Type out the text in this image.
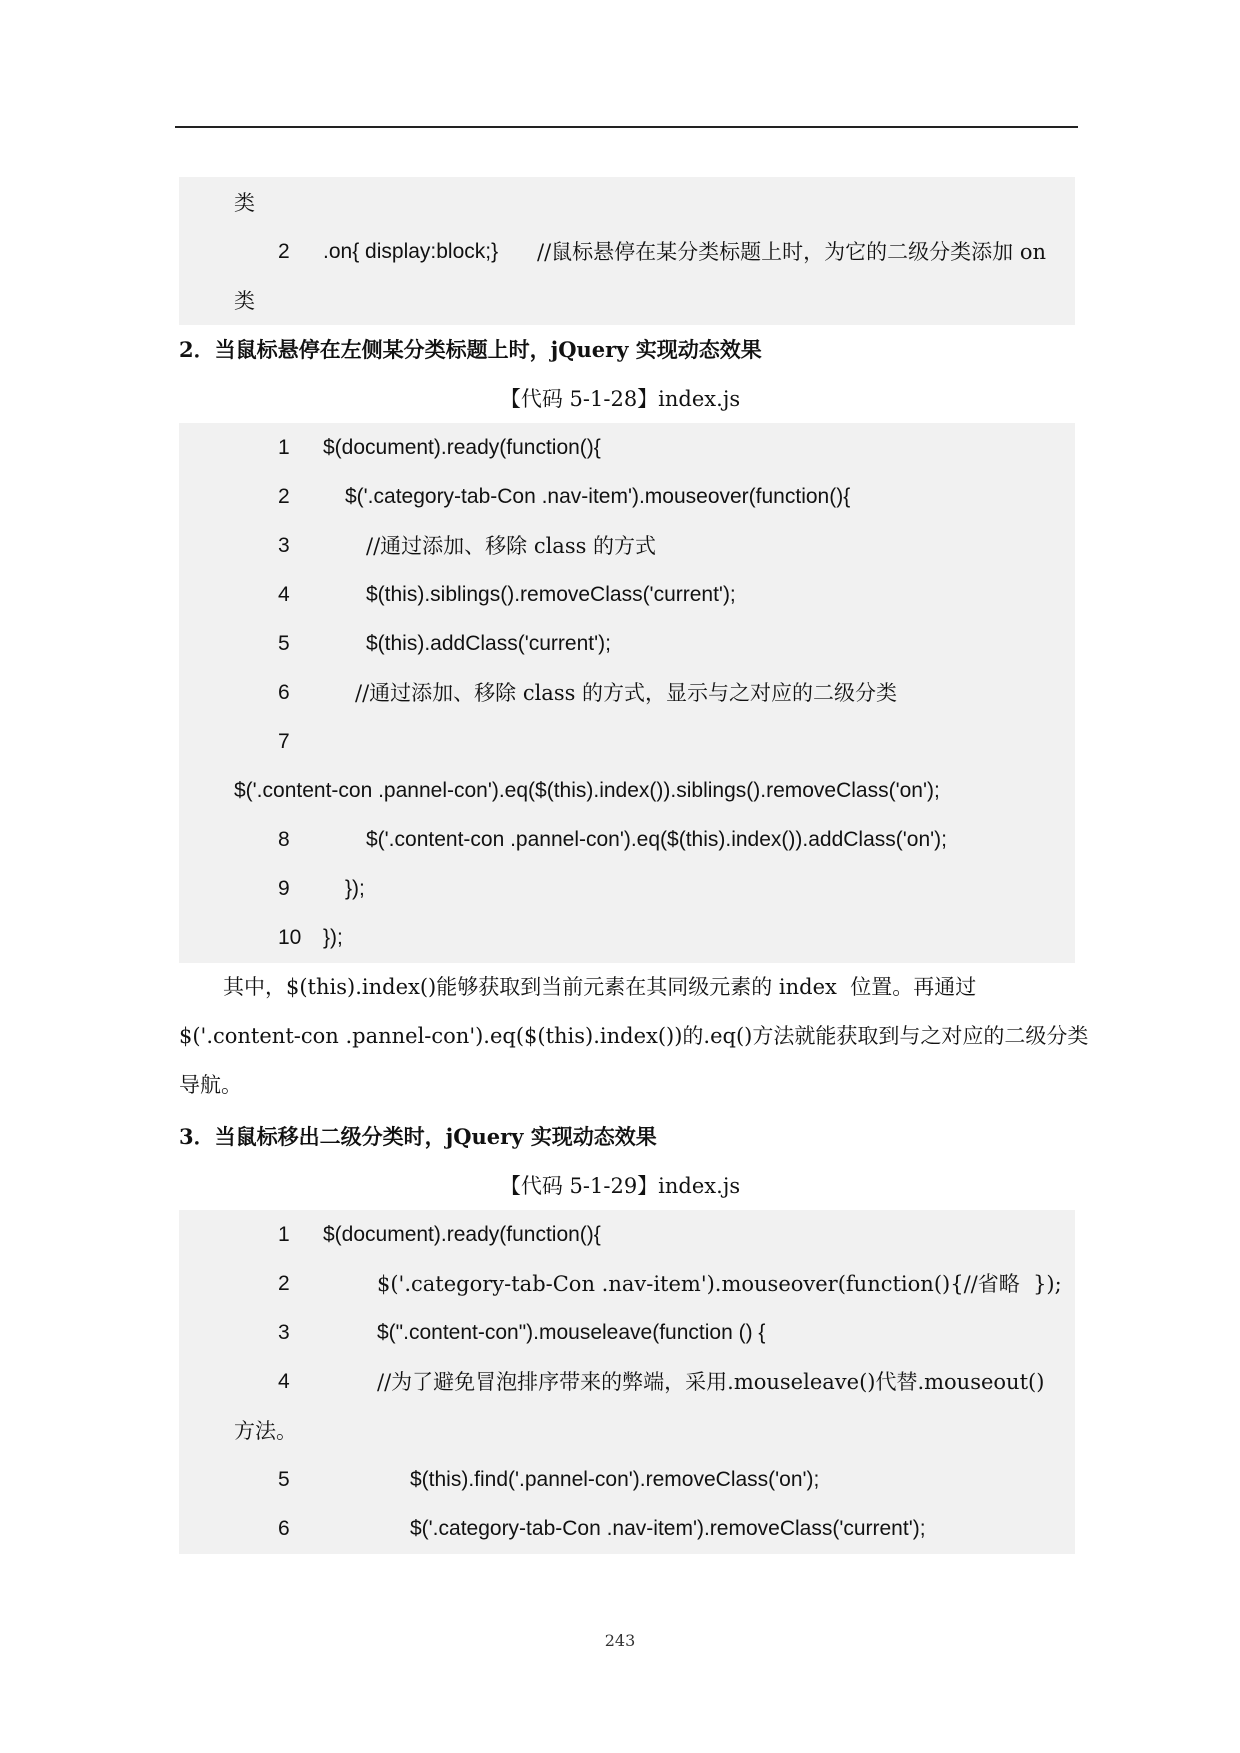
类
2 .on{ display:block;} //鼠标悬停在某分类标题上时，为它的二级分类添加 on
类
2．当鼠标悬停在左侧某分类标题上时，jQuery 实现动态效果
【代码 5-1-28】index.js
1 $(document).ready(function(){
2	$('.category-tab-Con .nav-item').mouseover(function(){
3	//通过添加、移除 class 的方式
4	$(this).siblings().removeClass('current');
5	$(this).addClass('current');
6	//通过添加、移除 class 的方式，显示与之对应的二级分类
7
$('.content-con .pannel-con').eq($(this).index()).siblings().removeClass('on');
8	$('.content-con .pannel-con').eq($(this).index()).addClass('on');
9	});
10 });
其中，$(this).index()能够获取到当前元素在其同级元素的 index  位置。再通过
$('.content-con .pannel-con').eq($(this).index())的.eq()方法就能获取到与之对应的二级分类
导航。
3．当鼠标移出二级分类时，jQuery 实现动态效果
【代码 5-1-29】index.js
1 $(document).ready(function(){
2	$('.category-tab-Con .nav-item').mouseover(function(){//省略  });
3	$(".content-con").mouseleave(function () {
4	//为了避免冒泡排序带来的弊端，采用.mouseleave()代替.mouseout()
方法。
5	$(this).find('.pannel-con').removeClass('on');
6	$('.category-tab-Con .nav-item').removeClass('current');
243
